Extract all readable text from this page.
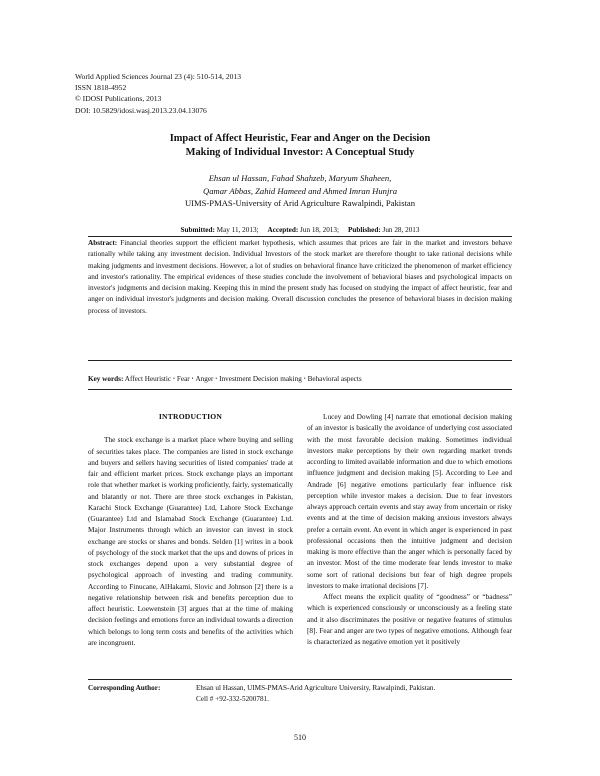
World Applied Sciences Journal 23 (4): 510-514, 2013
ISSN 1818-4952
© IDOSI Publications, 2013
DOI: 10.5829/idosi.wasj.2013.23.04.13076
Impact of Affect Heuristic, Fear and Anger on the Decision
Making of Individual Investor: A Conceptual Study
Ehsan ul Hassan, Fahad Shahzeb, Maryum Shaheen,
Qamar Abbas, Zahid Hameed and Ahmed Imran Hunjra
UIMS-PMAS-University of Arid Agriculture Rawalpindi, Pakistan
Submitted: May 11, 2013; Accepted: Jun 18, 2013; Published: Jun 28, 2013
Abstract: Financial theories support the efficient market hypothesis, which assumes that prices are fair in the market and investors behave rationally while taking any investment decision. Individual Investors of the stock market are therefore thought to take rational decisions while making judgments and investment decisions. However, a lot of studies on behavioral finance have criticized the phenomenon of market efficiency and investor's rationality. The empirical evidences of these studies conclude the involvement of behavioral biases and psychological impacts on investor's judgments and decision making. Keeping this in mind the present study has focused on studying the impact of affect heuristic, fear and anger on individual investor's judgments and decision making. Overall discussion concludes the presence of behavioral biases in decision making process of investors.
Key words: Affect Heuristic • Fear • Anger • Investment Decision making • Behavioral aspects
INTRODUCTION

The stock exchange is a market place where buying and selling of securities takes place. The companies are listed in stock exchange and buyers and sellers having securities of listed companies' trade at fair and efficient market prices. Stock exchange plays an important role that whether market is working proficiently, fairly, systematically and blatantly or not. There are three stock exchanges in Pakistan, Karachi Stock Exchange (Guarantee) Ltd, Lahore Stock Exchange (Guarantee) Ltd and Islamabad Stock Exchange (Guarantee) Ltd. Major Instruments through which an investor can invest in stock exchange are stocks or shares and bonds. Selden [1] writes in a book of psychology of the stock market that the ups and downs of prices in stock exchanges depend upon a very substantial degree of psychological approach of investing and trading community. According to Finucane, AlHakami, Slovic and Johnson [2] there is a negative relationship between risk and benefits perception due to affect heuristic. Loewenstein [3] argues that at the time of making decision feelings and emotions force an individual towards a direction which belongs to long term costs and benefits of the activities which are incongruent.

Lucey and Dowling [4] narrate that emotional decision making of an investor is basically the avoidance of underlying cost associated with the most favorable decision making. Sometimes individual investors make perceptions by their own regarding market trends according to limited available information and due to which emotions influence judgment and decision making [5]. According to Lee and Andrade [6] negative emotions particularly fear influence risk perception while investor makes a decision. Due to fear investors always approach certain events and stay away from uncertain or risky events and at the time of decision making anxious investors always prefer a certain event. An event in which anger is experienced in past professional occasions then the intuitive judgment and decision making is more effective than the anger which is personally faced by an investor. Most of the time moderate fear lends investor to make some sort of rational decisions but fear of high degree propels investors to make irrational decisions [7].

Affect means the explicit quality of “goodness” or “badness” which is experienced consciously or unconsciously as a feeling state and it also discriminates the positive or negative features of stimulus [8]. Fear and anger are two types of negative emotions. Although fear is characterized as negative emotion yet it positively

Corresponding Author:	Ehsan ul Hassan, UIMS-PMAS-Arid Agriculture University, Rawalpindi, Pakistan.
Cell # +92-332-5200781.
510
